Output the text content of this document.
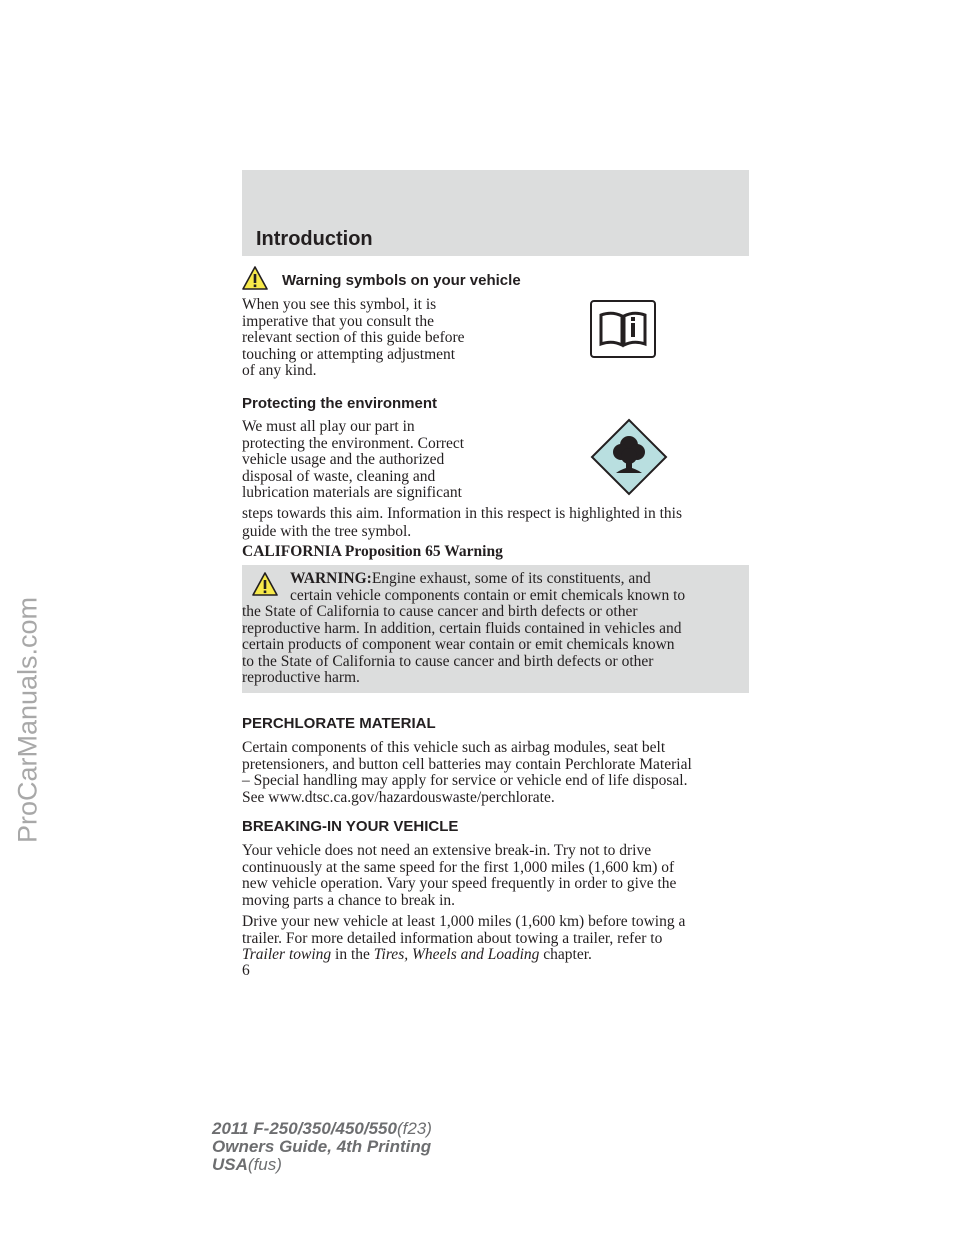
ProCarManuals.com
Introduction
Warning symbols on your vehicle
When you see this symbol, it is
imperative that you consult the
relevant section of this guide before
touching or attempting adjustment
of any kind.
Protecting the environment
We must all play our part in
protecting the environment. Correct
vehicle usage and the authorized
disposal of waste, cleaning and
lubrication materials are significant
steps towards this aim. Information in this respect is highlighted in this
guide with the tree symbol.
CALIFORNIA Proposition 65 Warning
WARNING:Engine exhaust, some of its constituents, and
certain vehicle components contain or emit chemicals known to
the State of California to cause cancer and birth defects or other
reproductive harm. In addition, certain fluids contained in vehicles and
certain products of component wear contain or emit chemicals known
to the State of California to cause cancer and birth defects or other
reproductive harm.
PERCHLORATE MATERIAL
Certain components of this vehicle such as airbag modules, seat belt
pretensioners, and button cell batteries may contain Perchlorate Material
– Special handling may apply for service or vehicle end of life disposal.
See www.dtsc.ca.gov/hazardouswaste/perchlorate.
BREAKING-IN YOUR VEHICLE
Your vehicle does not need an extensive break-in. Try not to drive
continuously at the same speed for the first 1,000 miles (1,600 km) of
new vehicle operation. Vary your speed frequently in order to give the
moving parts a chance to break in.
Drive your new vehicle at least 1,000 miles (1,600 km) before towing a
trailer. For more detailed information about towing a trailer, refer to
Trailer towing in the Tires, Wheels and Loading chapter.
6
2011 F-250/350/450/550(f23)
Owners Guide, 4th Printing
USA(fus)
